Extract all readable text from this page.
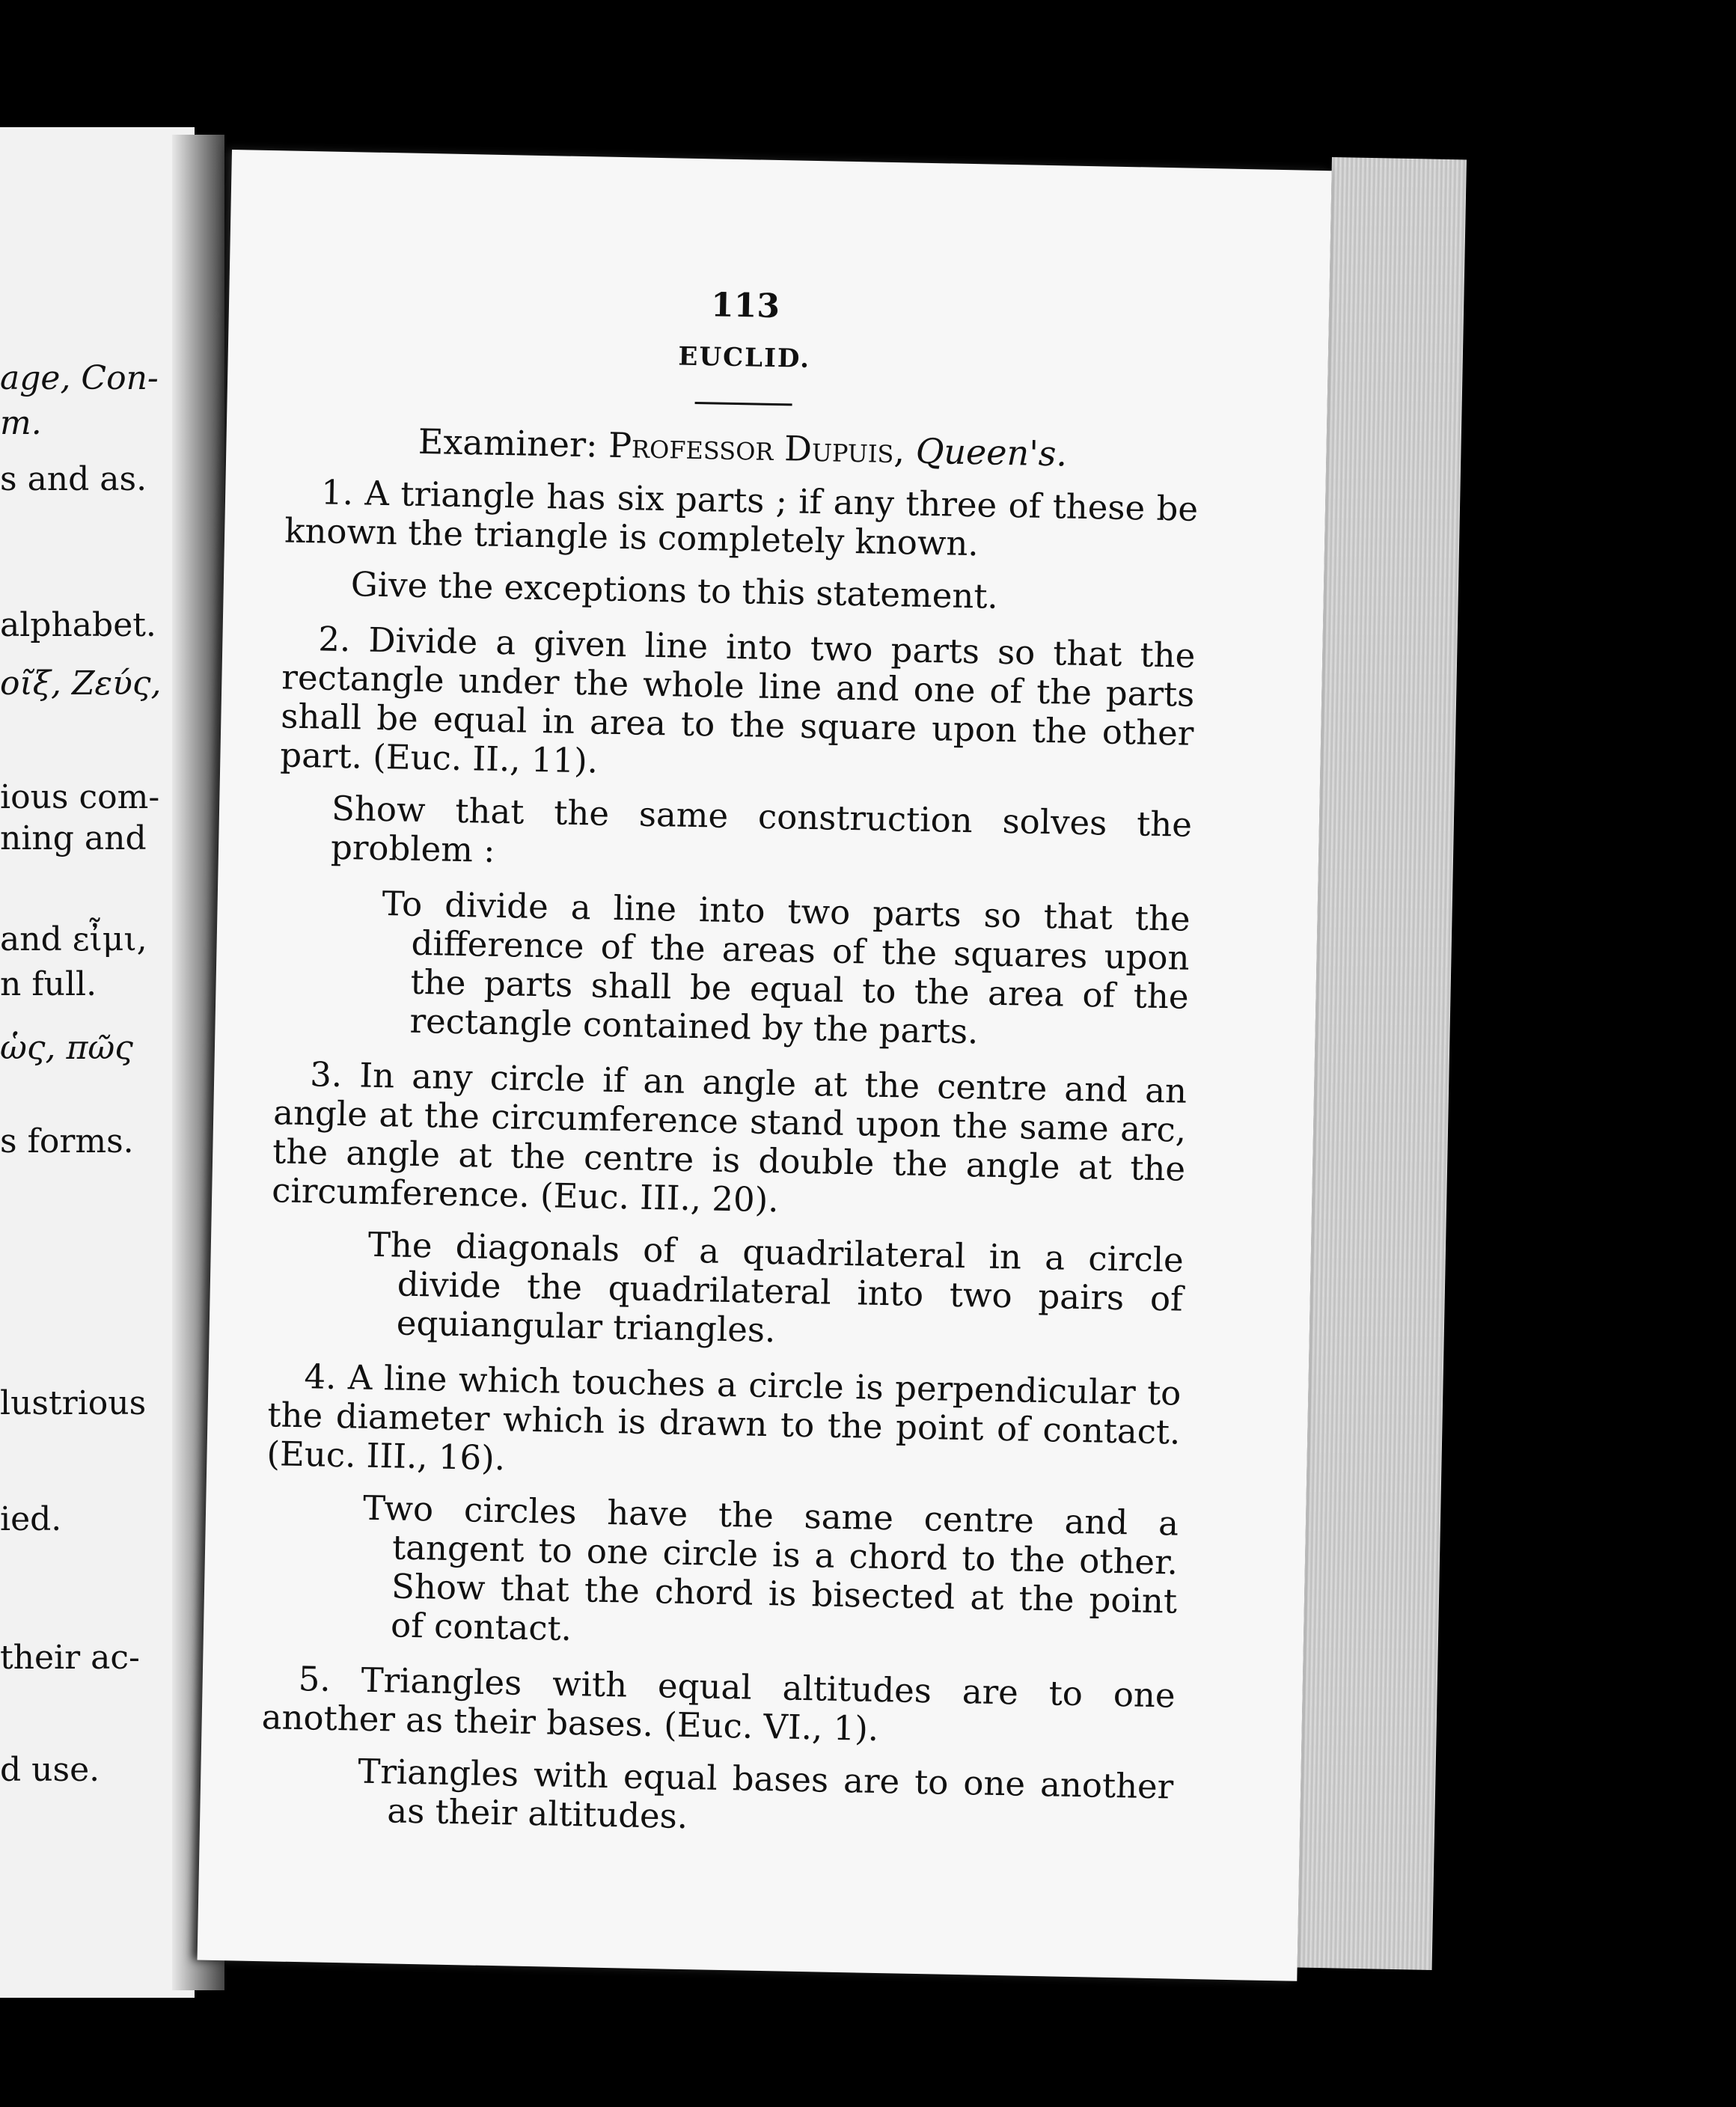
age, Con-
m.
s and as.
alphabet.
οῖξ, Ζεύς,
ious com-
ning and
and εἶμι,
n full.
ὡς, πῶς
s forms.
lustrious
ied.
their ac-
d use.
113
EUCLID.
Examiner: Professor Dupuis, Queen's.

1. A triangle has six parts ; if any three of these be known the triangle is completely known.

Give the exceptions to this statement.

2. Divide a given line into two parts so that the rectangle under the whole line and one of the parts shall be equal in area to the square upon the other part. (Euc. II., 11).

Show that the same construction solves the problem :

To divide a line into two parts so that the difference of the areas of the squares upon the parts shall be equal to the area of the rectangle contained by the parts.

3. In any circle if an angle at the centre and an angle at the circumference stand upon the same arc, the angle at the centre is double the angle at the circumference. (Euc. III., 20).

The diagonals of a quadrilateral in a circle divide the quadrilateral into two pairs of equiangular triangles.

4. A line which touches a circle is perpendicular to the diameter which is drawn to the point of contact. (Euc. III., 16).

Two circles have the same centre and a tangent to one circle is a chord to the other. Show that the chord is bisected at the point of contact.

5. Triangles with equal altitudes are to one another as their bases. (Euc. VI., 1).

Triangles with equal bases are to one another as their altitudes.
